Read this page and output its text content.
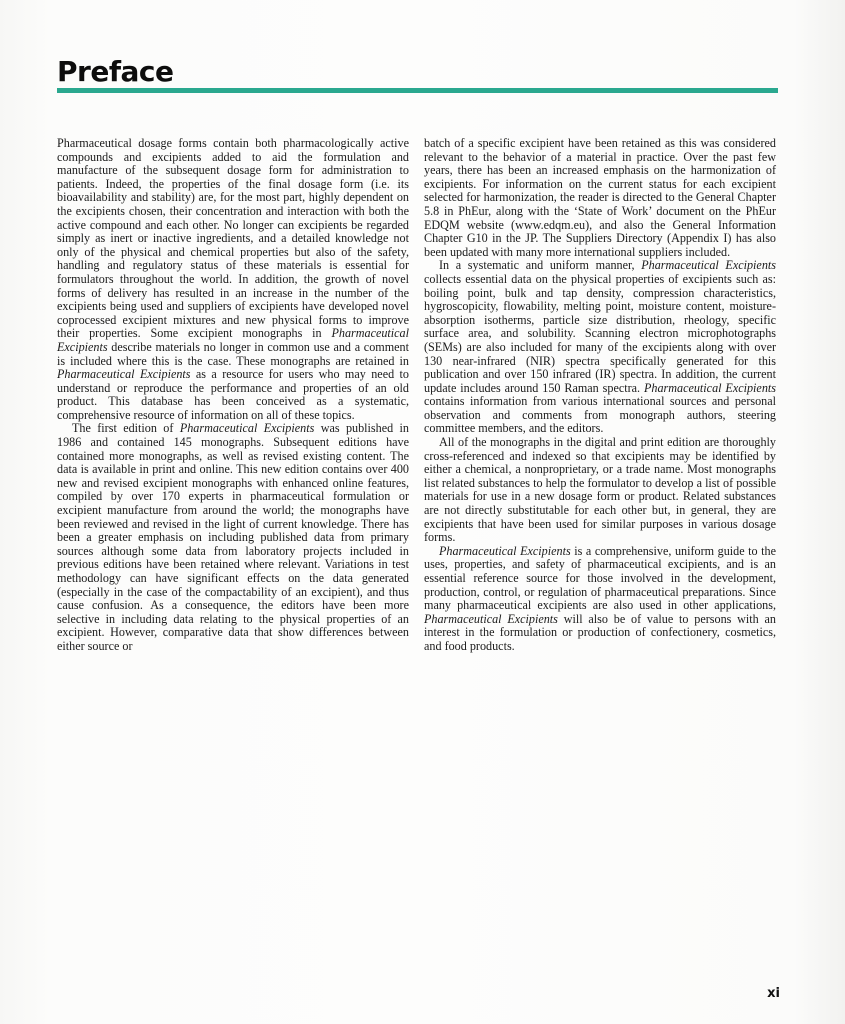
Preface

Pharmaceutical dosage forms contain both pharmacologically active compounds and excipients added to aid the formulation and manufacture of the subsequent dosage form for administration to patients. Indeed, the properties of the final dosage form (i.e. its bioavailability and stability) are, for the most part, highly dependent on the excipients chosen, their concentration and interaction with both the active compound and each other. No longer can excipients be regarded simply as inert or inactive ingredients, and a detailed knowledge not only of the physical and chemical properties but also of the safety, handling and regulatory status of these materials is essential for formulators throughout the world. In addition, the growth of novel forms of delivery has resulted in an increase in the number of the excipients being used and suppliers of excipients have developed novel coprocessed excipient mixtures and new physical forms to improve their properties. Some excipient monographs in Pharmaceutical Excipients describe materials no longer in common use and a comment is included where this is the case. These monographs are retained in Pharmaceutical Excipients as a resource for users who may need to understand or reproduce the performance and properties of an old product. This database has been conceived as a systematic, comprehensive resource of information on all of these topics.

The first edition of Pharmaceutical Excipients was published in 1986 and contained 145 monographs. Subsequent editions have contained more monographs, as well as revised existing content. The data is available in print and online. This new edition contains over 400 new and revised excipient monographs with enhanced online features, compiled by over 170 experts in pharmaceutical formulation or excipient manufacture from around the world; the monographs have been reviewed and revised in the light of current knowledge. There has been a greater emphasis on including published data from primary sources although some data from laboratory projects included in previous editions have been retained where relevant. Variations in test methodology can have significant effects on the data generated (especially in the case of the compactability of an excipient), and thus cause confusion. As a consequence, the editors have been more selective in including data relating to the physical properties of an excipient. However, comparative data that show differences between either source or

batch of a specific excipient have been retained as this was considered relevant to the behavior of a material in practice. Over the past few years, there has been an increased emphasis on the harmonization of excipients. For information on the current status for each excipient selected for harmonization, the reader is directed to the General Chapter 5.8 in PhEur, along with the ‘State of Work’ document on the PhEur EDQM website (www.edqm.eu), and also the General Information Chapter G10 in the JP. The Suppliers Directory (Appendix I) has also been updated with many more international suppliers included.

In a systematic and uniform manner, Pharmaceutical Excipients collects essential data on the physical properties of excipients such as: boiling point, bulk and tap density, compression characteristics, hygroscopicity, flowability, melting point, moisture content, moisture-absorption isotherms, particle size distribution, rheology, specific surface area, and solubility. Scanning electron microphotographs (SEMs) are also included for many of the excipients along with over 130 near-infrared (NIR) spectra specifically generated for this publication and over 150 infrared (IR) spectra. In addition, the current update includes around 150 Raman spectra. Pharmaceutical Excipients contains information from various international sources and personal observation and comments from monograph authors, steering committee members, and the editors.

All of the monographs in the digital and print edition are thoroughly cross-referenced and indexed so that excipients may be identified by either a chemical, a nonproprietary, or a trade name. Most monographs list related substances to help the formulator to develop a list of possible materials for use in a new dosage form or product. Related substances are not directly substitutable for each other but, in general, they are excipients that have been used for similar purposes in various dosage forms.

Pharmaceutical Excipients is a comprehensive, uniform guide to the uses, properties, and safety of pharmaceutical excipients, and is an essential reference source for those involved in the development, production, control, or regulation of pharmaceutical preparations. Since many pharmaceutical excipients are also used in other applications, Pharmaceutical Excipients will also be of value to persons with an interest in the formulation or production of confectionery, cosmetics, and food products.

xi
